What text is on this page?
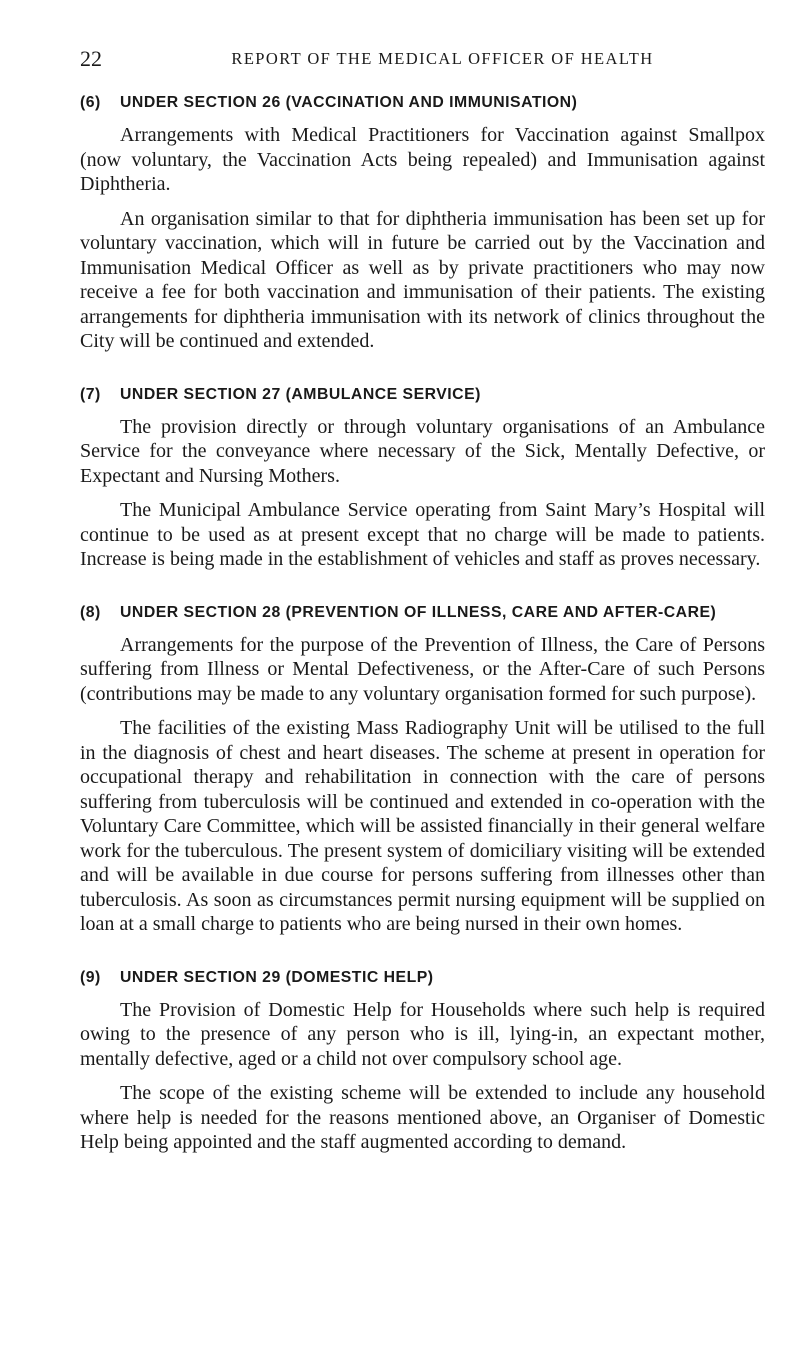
22	REPORT OF THE MEDICAL OFFICER OF HEALTH
(6)	UNDER SECTION 26 (VACCINATION AND IMMUNISATION)

Arrangements with Medical Practitioners for Vaccination against Smallpox (now voluntary, the Vaccination Acts being repealed) and Immunisation against Diphtheria.

An organisation similar to that for diphtheria immunisation has been set up for voluntary vaccination, which will in future be carried out by the Vaccination and Immunisation Medical Officer as well as by private practitioners who may now receive a fee for both vaccination and immunisation of their patients. The existing arrangements for diphtheria immunisation with its network of clinics throughout the City will be continued and extended.

(7)	UNDER SECTION 27 (AMBULANCE SERVICE)

The provision directly or through voluntary organisations of an Ambulance Service for the conveyance where necessary of the Sick, Mentally Defective, or Expectant and Nursing Mothers.

The Municipal Ambulance Service operating from Saint Mary’s Hospital will continue to be used as at present except that no charge will be made to patients. Increase is being made in the establishment of vehicles and staff as proves necessary.

(8)	UNDER SECTION 28 (PREVENTION OF ILLNESS, CARE AND AFTER-CARE)

Arrangements for the purpose of the Prevention of Illness, the Care of Persons suffering from Illness or Mental Defectiveness, or the After-Care of such Persons (contributions may be made to any voluntary organisation formed for such purpose).

The facilities of the existing Mass Radiography Unit will be utilised to the full in the diagnosis of chest and heart diseases. The scheme at present in operation for occupational therapy and rehabilitation in connection with the care of persons suffering from tuberculosis will be continued and extended in co-operation with the Voluntary Care Committee, which will be assisted financially in their general welfare work for the tuberculous. The present system of domiciliary visiting will be extended and will be available in due course for persons suffering from illnesses other than tuberculosis. As soon as circumstances permit nursing equipment will be supplied on loan at a small charge to patients who are being nursed in their own homes.

(9)	UNDER SECTION 29 (DOMESTIC HELP)

The Provision of Domestic Help for Households where such help is required owing to the presence of any person who is ill, lying-in, an expectant mother, mentally defective, aged or a child not over compulsory school age.

The scope of the existing scheme will be extended to include any household where help is needed for the reasons mentioned above, an Organiser of Domestic Help being appointed and the staff augmented according to demand.
